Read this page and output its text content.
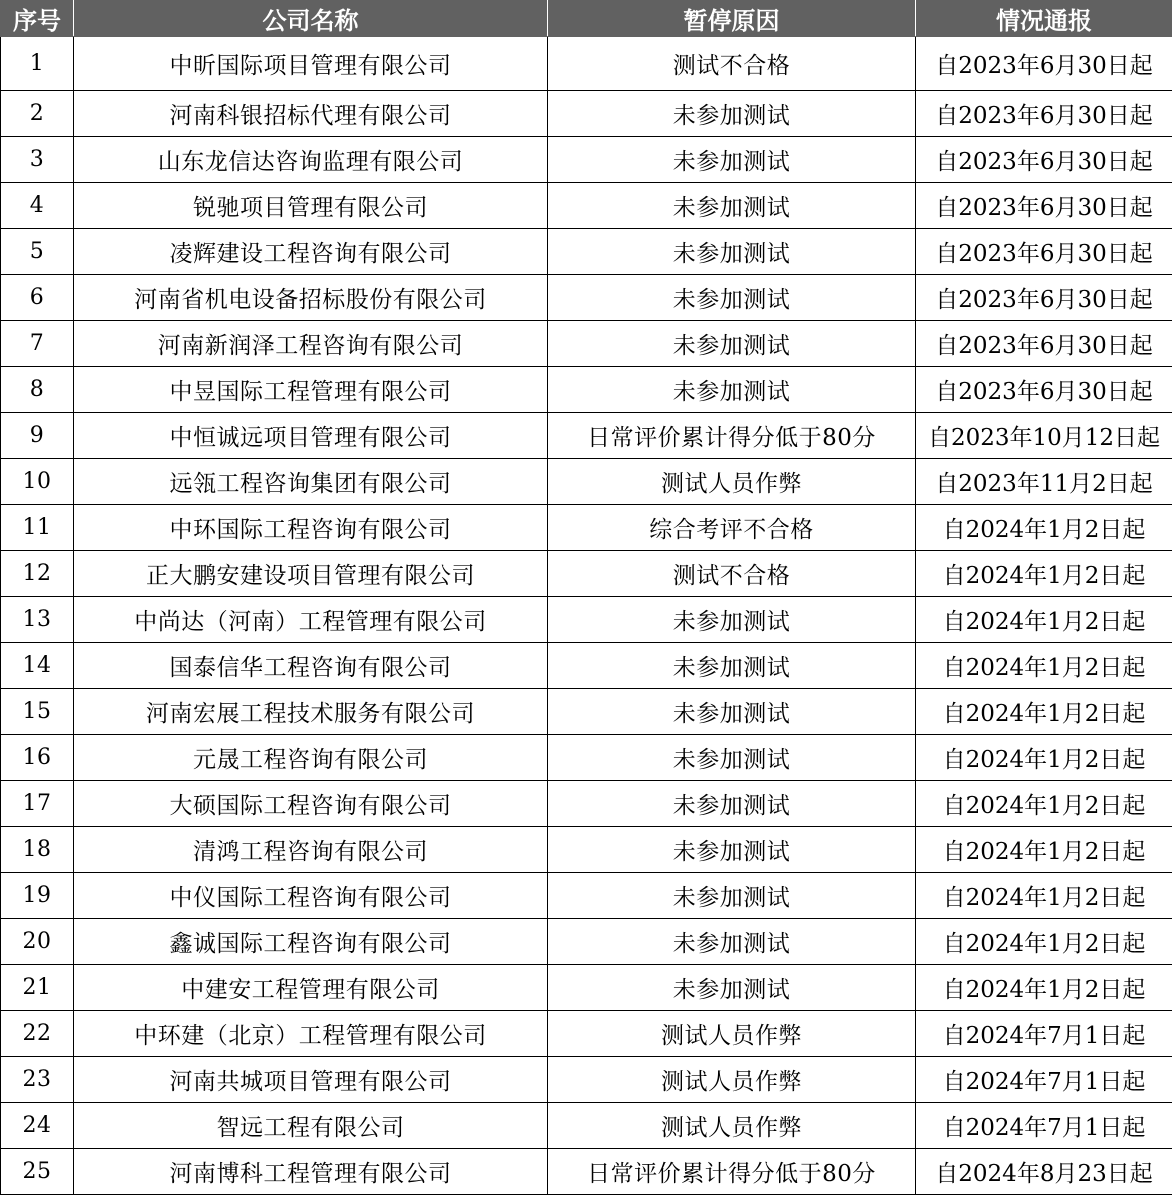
序号	公司名称	暂停原因	情况通报
1	中昕国际项目管理有限公司	测试不合格	自2023年6月30日起
2	河南科银招标代理有限公司	未参加测试	自2023年6月30日起
3	山东龙信达咨询监理有限公司	未参加测试	自2023年6月30日起
4	锐驰项目管理有限公司	未参加测试	自2023年6月30日起
5	凌辉建设工程咨询有限公司	未参加测试	自2023年6月30日起
6	河南省机电设备招标股份有限公司	未参加测试	自2023年6月30日起
7	河南新润泽工程咨询有限公司	未参加测试	自2023年6月30日起
8	中昱国际工程管理有限公司	未参加测试	自2023年6月30日起
9	中恒诚远项目管理有限公司	日常评价累计得分低于80分	自2023年10月12日起
10	远瓴工程咨询集团有限公司	测试人员作弊	自2023年11月2日起
11	中环国际工程咨询有限公司	综合考评不合格	自2024年1月2日起
12	正大鹏安建设项目管理有限公司	测试不合格	自2024年1月2日起
13	中尚达（河南）工程管理有限公司	未参加测试	自2024年1月2日起
14	国泰信华工程咨询有限公司	未参加测试	自2024年1月2日起
15	河南宏展工程技术服务有限公司	未参加测试	自2024年1月2日起
16	元晟工程咨询有限公司	未参加测试	自2024年1月2日起
17	大硕国际工程咨询有限公司	未参加测试	自2024年1月2日起
18	清鸿工程咨询有限公司	未参加测试	自2024年1月2日起
19	中仪国际工程咨询有限公司	未参加测试	自2024年1月2日起
20	鑫诚国际工程咨询有限公司	未参加测试	自2024年1月2日起
21	中建安工程管理有限公司	未参加测试	自2024年1月2日起
22	中环建（北京）工程管理有限公司	测试人员作弊	自2024年7月1日起
23	河南共城项目管理有限公司	测试人员作弊	自2024年7月1日起
24	智远工程有限公司	测试人员作弊	自2024年7月1日起
25	河南博科工程管理有限公司	日常评价累计得分低于80分	自2024年8月23日起
